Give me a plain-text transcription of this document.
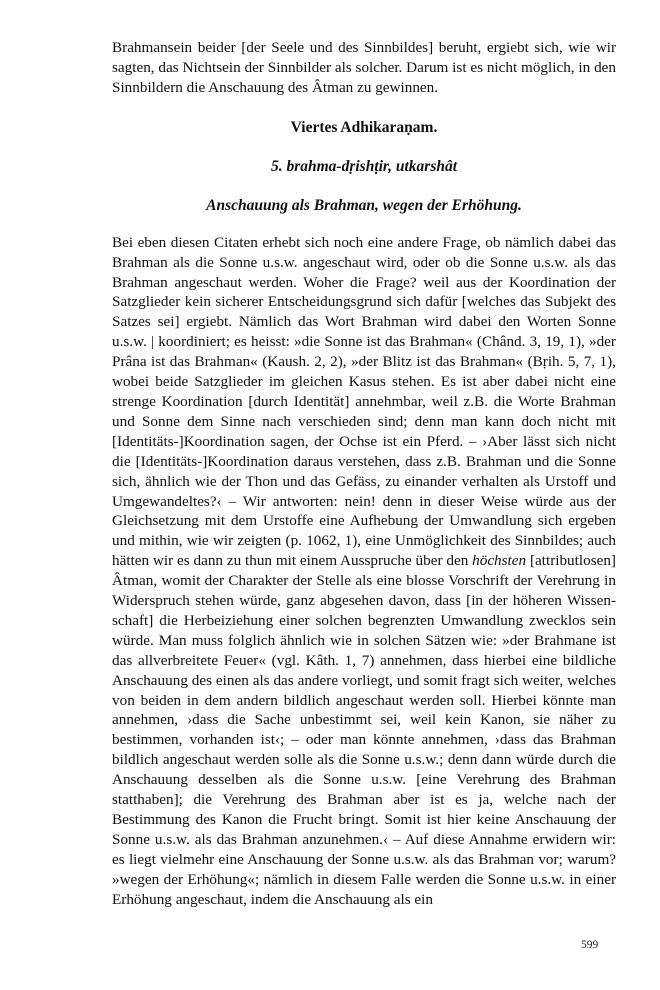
Brahmansein beider [der Seele und des Sinnbildes] beruht, ergiebt sich, wie wir sagten, das Nichtsein der Sinnbilder als solcher. Darum ist es nicht möglich, in den Sinnbildern die Anschauung des Âtman zu gewinnen.

Viertes Adhikaraṇam.

5. brahma-dṛishṭir, utkarshât

Anschauung als Brahman, wegen der Erhöhung.

Bei eben diesen Citaten erhebt sich noch eine andere Frage, ob nämlich dabei das Brahman als die Sonne u.s.w. angeschaut wird, oder ob die Sonne u.s.w. als das Brahman angeschaut werden. Woher die Frage? weil aus der Koordination der Satzglieder kein sicherer Entscheidungsgrund sich dafür [welches das Subjekt des Satzes sei] ergiebt. Nämlich das Wort Brahman wird dabei den Worten Sonne u.s.w. | koordiniert; es heisst: »die Sonne ist das Brahman« (Chând. 3, 19, 1), »der Prâna ist das Brahman« (Kaush. 2, 2), »der Blitz ist das Brahman« (Bṛih. 5, 7, 1), wobei beide Satzglieder im gleichen Kasus stehen. Es ist aber dabei nicht eine strenge Koordination [durch Identität] annehmbar, weil z.B. die Worte Brahman und Sonne dem Sinne nach verschieden sind; denn man kann doch nicht mit [Identitäts-]Koordination sagen, der Ochse ist ein Pferd. – ›Aber lässt sich nicht die [Identitäts-]Koordination daraus verstehen, dass z.B. Brahman und die Sonne sich, ähnlich wie der Thon und das Gefäss, zu einander verhalten als Urstoff und Umgewandeltes?‹ – Wir antworten: nein! denn in dieser Weise würde aus der Gleichsetzung mit dem Urstoffe eine Aufhebung der Umwandlung sich ergeben und mithin, wie wir zeigten (p. 1062, 1), eine Unmöglichkeit des Sinnbildes; auch hätten wir es dann zu thun mit einem Ausspruche über den höchsten [attributlosen] Âtman, womit der Charakter der Stelle als eine blosse Vorschrift der Verehrung in Widerspruch stehen würde, ganz abgesehen davon, dass [in der höheren Wissenschaft] die Herbeiziehung einer solchen begrenzten Umwandlung zwecklos sein würde. Man muss folglich ähnlich wie in solchen Sätzen wie: »der Brahmane ist das allverbreitete Feuer« (vgl. Kâth. 1, 7) annehmen, dass hierbei eine bildliche Anschauung des einen als das andere vorliegt, und somit fragt sich weiter, welches von beiden in dem andern bildlich angeschaut werden soll. Hierbei könnte man annehmen, ›dass die Sache unbestimmt sei, weil kein Kanon, sie näher zu bestimmen, vorhanden ist‹; – oder man könnte annehmen, ›dass das Brahman bildlich angeschaut werden solle als die Sonne u.s.w.; denn dann würde durch die Anschauung desselben als die Sonne u.s.w. [eine Verehrung des Brahman statthaben]; die Verehrung des Brahman aber ist es ja, welche nach der Bestimmung des Kanon die Frucht bringt. Somit ist hier keine Anschauung der Sonne u.s.w. als das Brahman anzunehmen.‹ – Auf diese Annahme erwidern wir: es liegt vielmehr eine Anschauung der Sonne u.s.w. als das Brahman vor; warum? »wegen der Erhöhung«; nämlich in diesem Falle werden die Sonne u.s.w. in einer Erhöhung angeschaut, indem die Anschauung als ein

599
